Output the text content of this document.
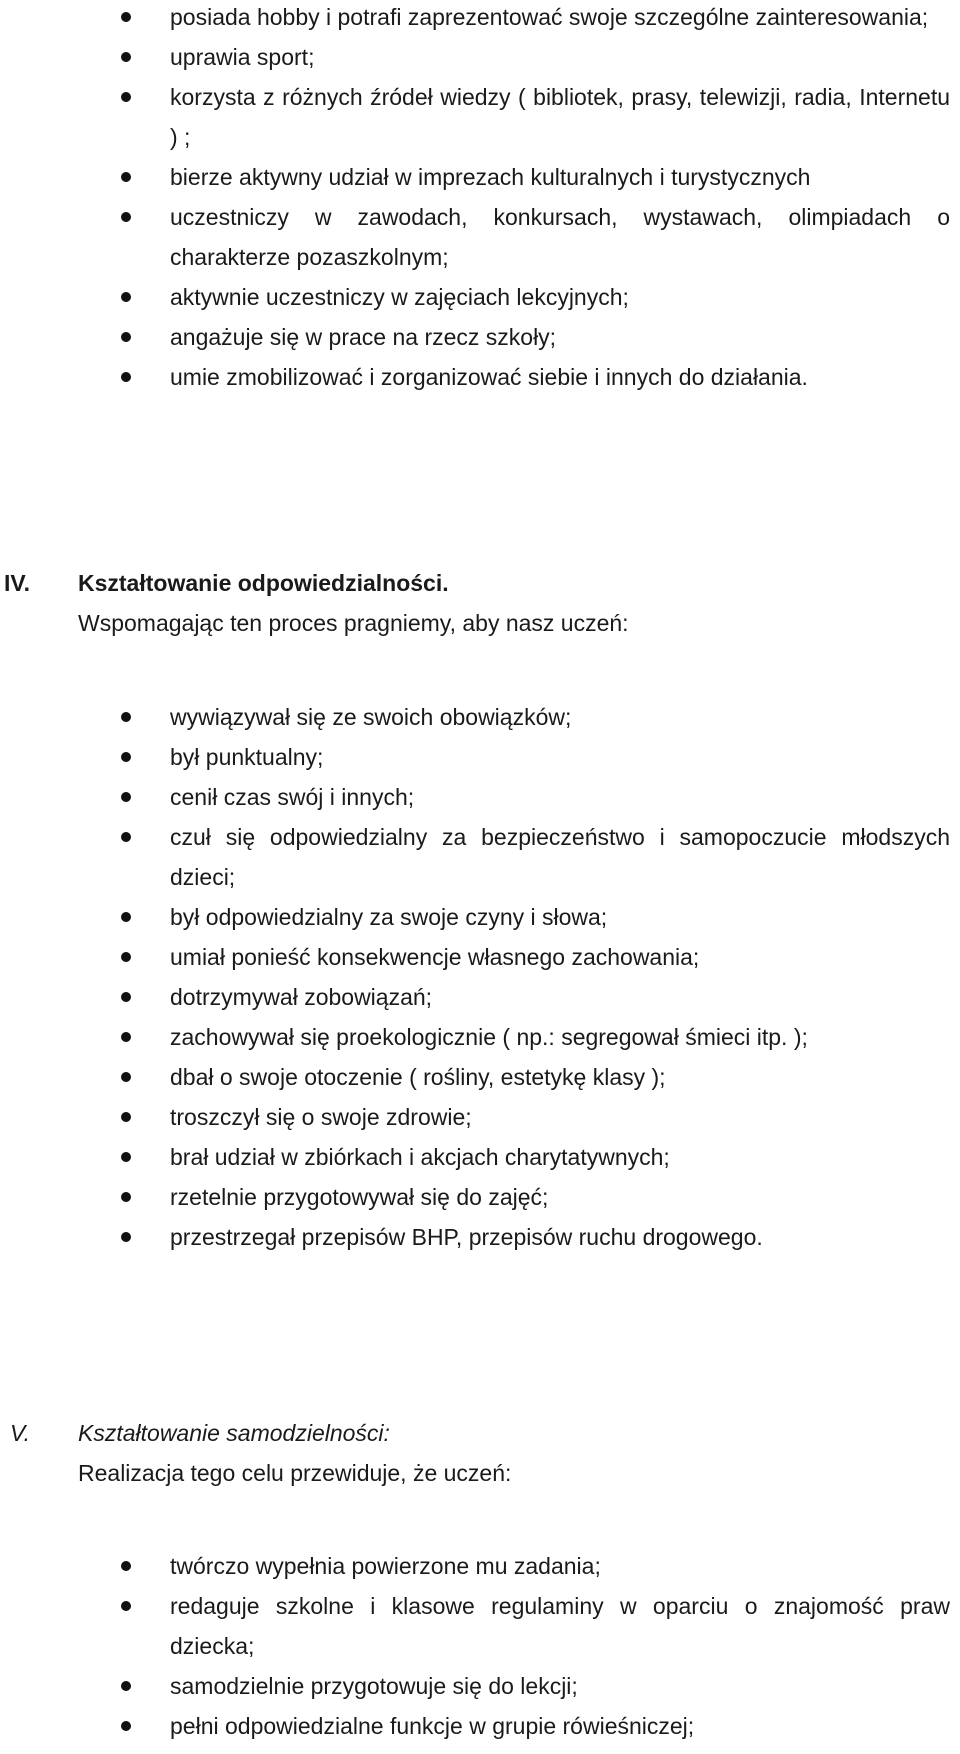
posiada hobby i potrafi zaprezentować swoje szczególne zainteresowania;
uprawia sport;
korzysta z różnych źródeł wiedzy ( bibliotek, prasy, telewizji, radia, Internetu ) ;
bierze aktywny udział w imprezach kulturalnych i turystycznych
uczestniczy w zawodach, konkursach, wystawach, olimpiadach o charakterze pozaszkolnym;
aktywnie uczestniczy w zajęciach lekcyjnych;
angażuje się w prace na rzecz szkoły;
umie zmobilizować i zorganizować siebie i innych do działania.
IV. Kształtowanie odpowiedzialności.
Wspomagając ten proces pragniemy, aby nasz uczeń:
wywiązywał się ze swoich obowiązków;
był punktualny;
cenił czas swój i innych;
czuł się odpowiedzialny za bezpieczeństwo i samopoczucie młodszych dzieci;
był odpowiedzialny za swoje czyny i słowa;
umiał ponieść konsekwencje własnego zachowania;
dotrzymywał zobowiązań;
zachowywał się proekologicznie ( np.: segregował śmieci itp. );
dbał o swoje otoczenie ( rośliny, estetykę klasy );
troszczył się o swoje zdrowie;
brał udział w zbiórkach i akcjach charytatywnych;
rzetelnie przygotowywał się do zajęć;
przestrzegał przepisów BHP, przepisów ruchu drogowego.
V. Kształtowanie samodzielności:
Realizacja tego celu przewiduje, że uczeń:
twórczo wypełnia powierzone mu zadania;
redaguje szkolne i klasowe regulaminy w oparciu o znajomość praw dziecka;
samodzielnie przygotowuje się do lekcji;
pełni odpowiedzialne funkcje w grupie rówieśniczej;
